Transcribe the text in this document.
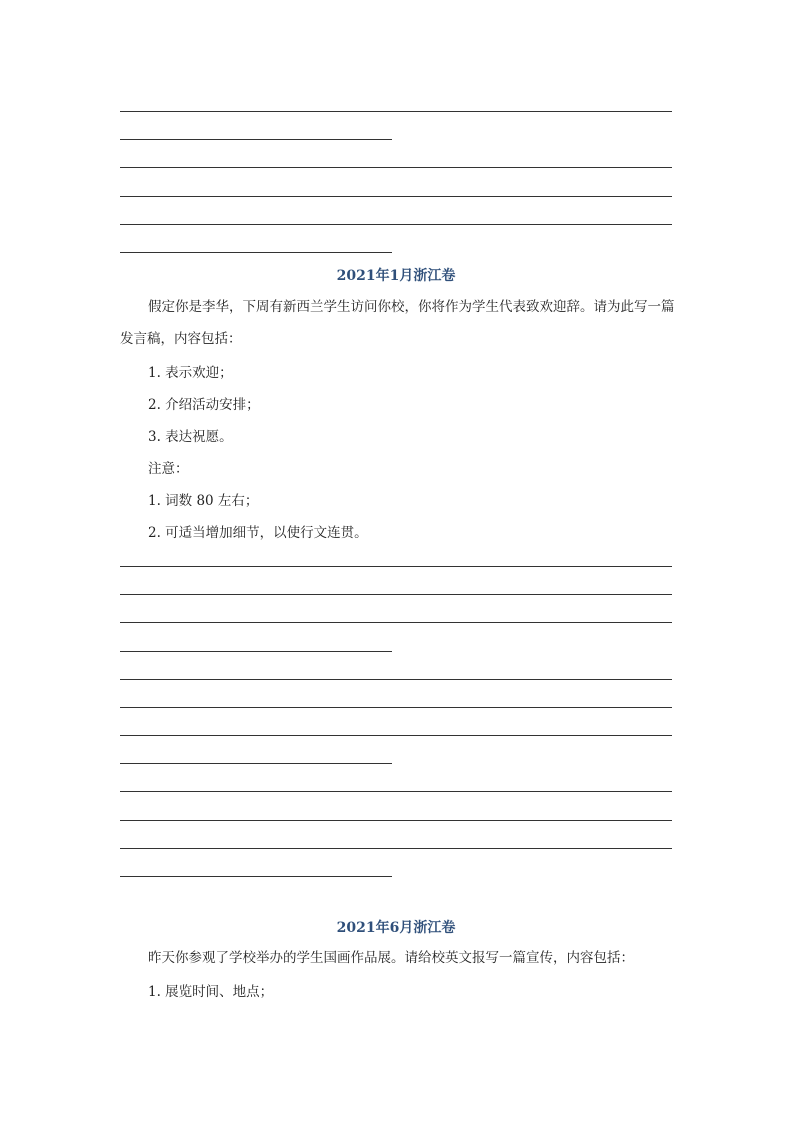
2021年1月浙江卷

假定你是李华，下周有新西兰学生访问你校，你将作为学生代表致欢迎辞。请为此写一篇 发言稿，内容包括：

1. 表示欢迎；
2. 介绍活动安排；
3. 表达祝愿。
注意：
1. 词数 80 左右；
2. 可适当增加细节，以使行文连贯。
2021年6月浙江卷

昨天你参观了学校举办的学生国画作品展。请给校英文报写一篇宣传，内容包括：

1. 展览时间、地点；
